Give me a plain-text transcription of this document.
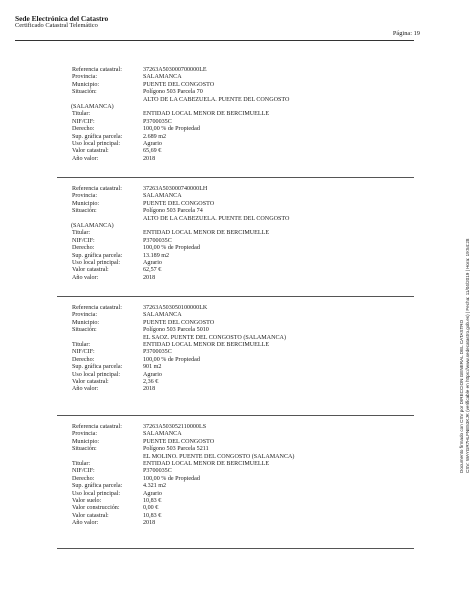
Sede Electrónica del Catastro
Certificado Catastral Telemático
Página: 19
Referencia catastral:	37263A503000700000LE
Provincia:	SALAMANCA
Municipio:	PUENTE DEL CONGOSTO
Situación:	Polígono 503 Parcela 70
ALTO DE LA CABEZUELA. PUENTE DEL CONGOSTO
(SALAMANCA)
Titular:	ENTIDAD LOCAL MENOR DE BERCIMUELLE
NIF/CIF:	P3700035C
Derecho:	100,00 % de Propiedad
Sup. gráfica parcela:	2.689 m2
Uso local principal:	Agrario
Valor catastral:	65,69 €
Año valor:	2018
Referencia catastral:	37263A503000740000LH
Provincia:	SALAMANCA
Municipio:	PUENTE DEL CONGOSTO
Situación:	Polígono 503 Parcela 74
ALTO DE LA CABEZUELA. PUENTE DEL CONGOSTO
(SALAMANCA)
Titular:	ENTIDAD LOCAL MENOR DE BERCIMUELLE
NIF/CIF:	P3700035C
Derecho:	100,00 % de Propiedad
Sup. gráfica parcela:	13.189 m2
Uso local principal:	Agrario
Valor catastral:	62,57 €
Año valor:	2018
Referencia catastral:	37263A503050100000LK
Provincia:	SALAMANCA
Municipio:	PUENTE DEL CONGOSTO
Situación:	Polígono 503 Parcela 5010
EL SAOZ. PUENTE DEL CONGOSTO (SALAMANCA)
Titular:	ENTIDAD LOCAL MENOR DE BERCIMUELLE
NIF/CIF:	P3700035C
Derecho:	100,00 % de Propiedad
Sup. gráfica parcela:	901 m2
Uso local principal:	Agrario
Valor catastral:	2,36 €
Año valor:	2018
Referencia catastral:	37263A503052110000LS
Provincia:	SALAMANCA
Municipio:	PUENTE DEL CONGOSTO
Situación:	Polígono 503 Parcela 5211
EL MOLINO. PUENTE DEL CONGOSTO (SALAMANCA)
Titular:	ENTIDAD LOCAL MENOR DE BERCIMUELLE
NIF/CIF:	P3700035C
Derecho:	100,00 % de Propiedad
Sup. gráfica parcela:	4.321 m2
Uso local principal:	Agrario
Valor suelo:	10,83 €
Valor construcción:	0,00 €
Valor catastral:	10,83 €
Año valor:	2018
Documento firmado con CSV por DIRECCION GENERAL DEL CATASTRO CSV: WAYGR7HLFNE53KJK (verificable en https://www.sedecatastro.gob.es) | Fecha: 11/04/2019 | Hora: 19:54:28
